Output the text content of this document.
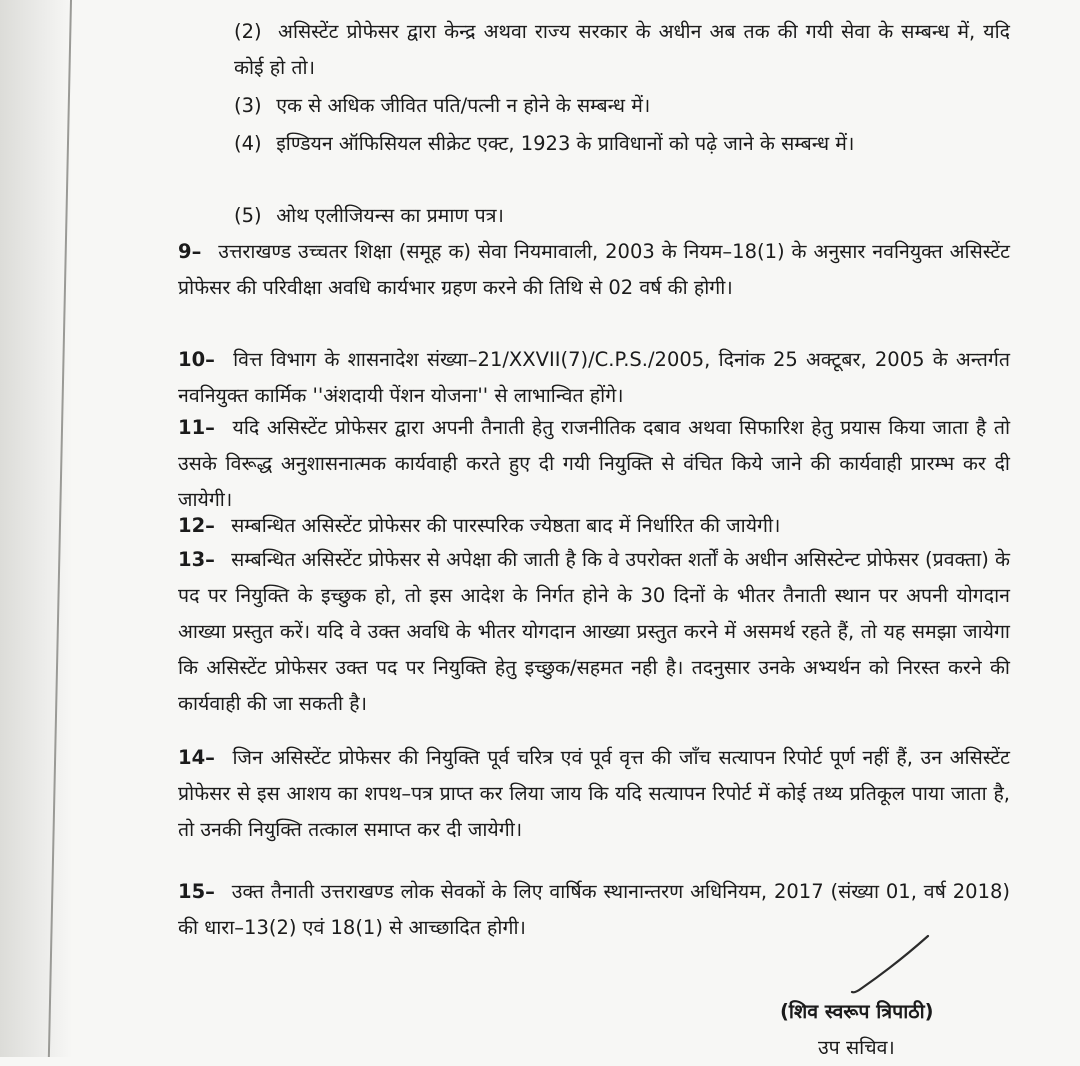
(2) असिस्टेंट प्रोफेसर द्वारा केन्द्र अथवा राज्य सरकार के अधीन अब तक की गयी सेवा के सम्बन्ध में, यदि कोई हो तो।
(3) एक से अधिक जीवित पति/पत्नी न होने के सम्बन्ध में।
(4) इण्डियन ऑफिसियल सीक्रेट एक्ट, 1923 के प्राविधानों को पढ़े जाने के सम्बन्ध में।
(5) ओथ एलीजियन्स का प्रमाण पत्र।
9– उत्तराखण्ड उच्चतर शिक्षा (समूह क) सेवा नियमावाली, 2003 के नियम–18(1) के अनुसार नवनियुक्त असिस्टेंट प्रोफेसर की परिवीक्षा अवधि कार्यभार ग्रहण करने की तिथि से 02 वर्ष की होगी।
10– वित्त विभाग के शासनादेश संख्या–21/XXVII(7)/C.P.S./2005, दिनांक 25 अक्टूबर, 2005 के अन्तर्गत नवनियुक्त कार्मिक ''अंशदायी पेंशन योजना'' से लाभान्वित होंगे।
11– यदि असिस्टेंट प्रोफेसर द्वारा अपनी तैनाती हेतु राजनीतिक दबाव अथवा सिफारिश हेतु प्रयास किया जाता है तो उसके विरूद्ध अनुशासनात्मक कार्यवाही करते हुए दी गयी नियुक्ति से वंचित किये जाने की कार्यवाही प्रारम्भ कर दी जायेगी।
12– सम्बन्धित असिस्टेंट प्रोफेसर की पारस्परिक ज्येष्ठता बाद में निर्धारित की जायेगी।
13– सम्बन्धित असिस्टेंट प्रोफेसर से अपेक्षा की जाती है कि वे उपरोक्त शर्तों के अधीन असिस्टेन्ट प्रोफेसर (प्रवक्ता) के पद पर नियुक्ति के इच्छुक हो, तो इस आदेश के निर्गत होने के 30 दिनों के भीतर तैनाती स्थान पर अपनी योगदान आख्या प्रस्तुत करें। यदि वे उक्त अवधि के भीतर योगदान आख्या प्रस्तुत करने में असमर्थ रहते हैं, तो यह समझा जायेगा कि असिस्टेंट प्रोफेसर उक्त पद पर नियुक्ति हेतु इच्छुक/सहमत नही है। तदनुसार उनके अभ्यर्थन को निरस्त करने की कार्यवाही की जा सकती है।
14– जिन असिस्टेंट प्रोफेसर की नियुक्ति पूर्व चरित्र एवं पूर्व वृत्त की जाँच सत्यापन रिपोर्ट पूर्ण नहीं हैं, उन असिस्टेंट प्रोफेसर से इस आशय का शपथ–पत्र प्राप्त कर लिया जाय कि यदि सत्यापन रिपोर्ट में कोई तथ्य प्रतिकूल पाया जाता है, तो उनकी नियुक्ति तत्काल समाप्त कर दी जायेगी।
15– उक्त तैनाती उत्तराखण्ड लोक सेवकों के लिए वार्षिक स्थानान्तरण अधिनियम, 2017 (संख्या 01, वर्ष 2018) की धारा–13(2) एवं 18(1) से आच्छादित होगी।
(शिव स्वरूप त्रिपाठी)
उप सचिव।
